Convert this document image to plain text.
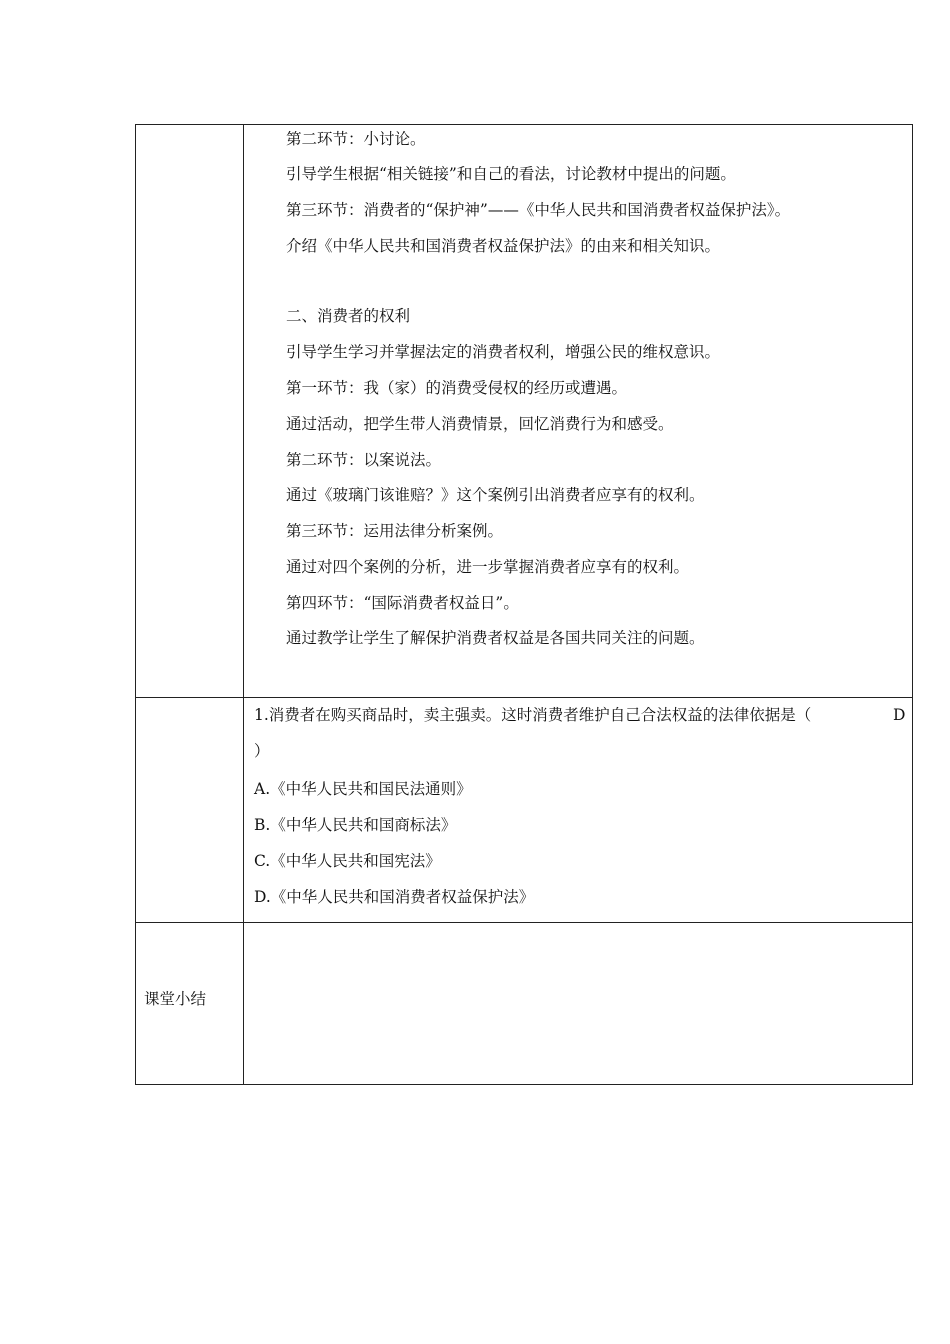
第二环节：小讨论。
引导学生根据“相关链接”和自己的看法，讨论教材中提出的问题。
第三环节：消费者的“保护神”——《中华人民共和国消费者权益保护法》。
介绍《中华人民共和国消费者权益保护法》的由来和相关知识。
二、消费者的权利
引导学生学习并掌握法定的消费者权利，增强公民的维权意识。
第一环节：我（家）的消费受侵权的经历或遭遇。
通过活动，把学生带人消费情景，回忆消费行为和感受。
第二环节：以案说法。
通过《玻璃门该谁赔？》这个案例引出消费者应享有的权利。
第三环节：运用法律分析案例。
通过对四个案例的分析，进一步掌握消费者应享有的权利。
第四环节：“国际消费者权益日”。
通过教学让学生了解保护消费者权益是各国共同关注的问题。
1.消费者在购买商品时，卖主强卖。这时消费者维护自己合法权益的法律依据是（	D
）
A.《中华人民共和国民法通则》
B.《中华人民共和国商标法》
C.《中华人民共和国宪法》
D.《中华人民共和国消费者权益保护法》
课堂小结
